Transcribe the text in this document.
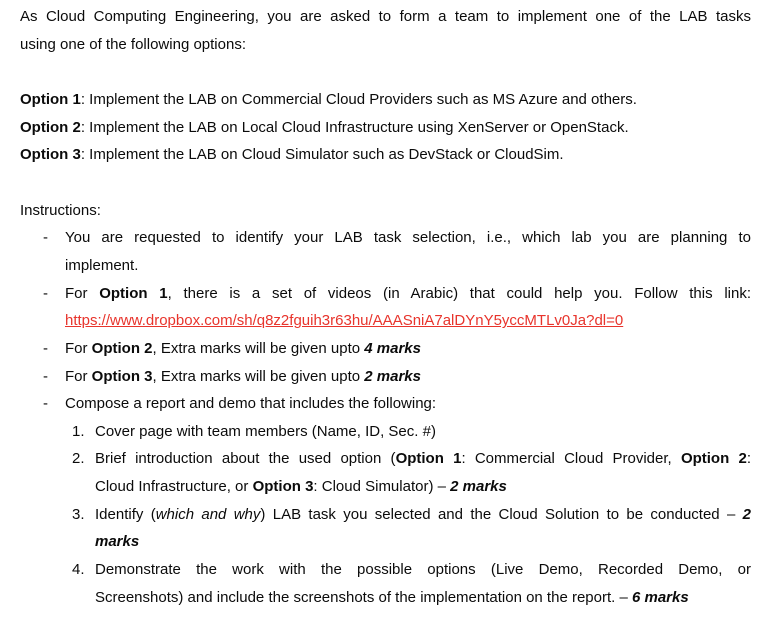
As Cloud Computing Engineering, you are asked to form a team to implement one of the LAB tasks
using one of the following options:
Option 1: Implement the LAB on Commercial Cloud Providers such as MS Azure and others.
Option 2: Implement the LAB on Local Cloud Infrastructure using XenServer or OpenStack.
Option 3: Implement the LAB on Cloud Simulator such as DevStack or CloudSim.
Instructions:
- You are requested to identify your LAB task selection, i.e., which lab you are planning to
implement.
- For Option 1, there is a set of videos (in Arabic) that could help you. Follow this link:
https://www.dropbox.com/sh/q8z2fguih3r63hu/AAASniA7alDYnY5yccMTLv0Ja?dl=0
- For Option 2, Extra marks will be given upto 4 marks
- For Option 3, Extra marks will be given upto 2 marks
- Compose a report and demo that includes the following:
1. Cover page with team members (Name, ID, Sec. #)
2. Brief introduction about the used option (Option 1: Commercial Cloud Provider, Option 2:
Cloud Infrastructure, or Option 3: Cloud Simulator) – 2 marks
3. Identify (which and why) LAB task you selected and the Cloud Solution to be conducted – 2
marks
4. Demonstrate the work with the possible options (Live Demo, Recorded Demo, or
Screenshots) and include the screenshots of the implementation on the report. – 6 marks
